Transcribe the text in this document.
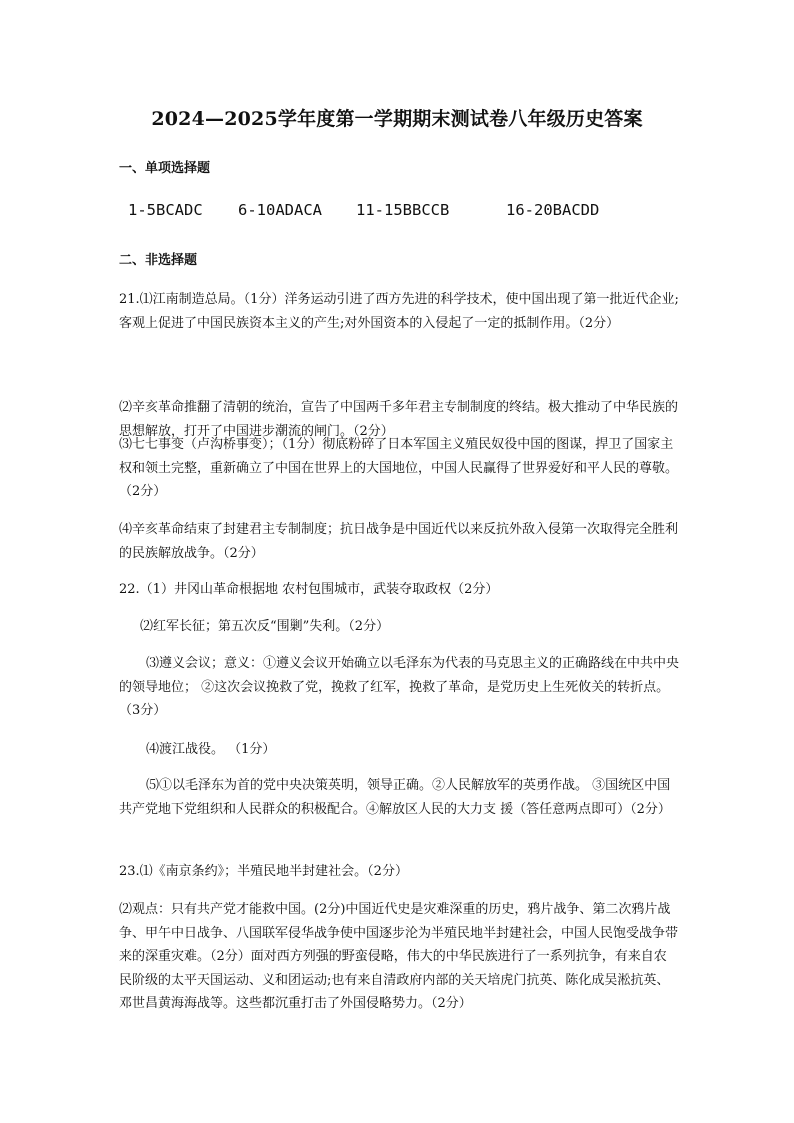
2024—2025学年度第一学期期末测试卷八年级历史答案
一、单项选择题
1-5BCADC 6-10ADACA 11-15BBCCB	16-20BACDD
二、非选择题
21.⑴江南制造总局。（1分）洋务运动引进了西方先进的科学技术，使中国出现了第一批近代企业;客观上促进了中国民族资本主义的产生;对外国资本的入侵起了一定的抵制作用。（2分）
⑵辛亥革命推翻了清朝的统治，宣告了中国两千多年君主专制制度的终结。极大推动了中华民族的思想解放，打开了中国进步潮流的闸门。（2分）
⑶七七事变（卢沟桥事变）；（1分）彻底粉碎了日本军国主义殖民奴役中国的图谋，捍卫了国家主权和领土完整，重新确立了中国在世界上的大国地位，中国人民赢得了世界爱好和平人民的尊敬。（2分）
⑷辛亥革命结束了封建君主专制制度；抗日战争是中国近代以来反抗外敌入侵第一次取得完全胜利的民族解放战争。（2分）
22.（1）井冈山革命根据地 农村包围城市，武装夺取政权（2分）
⑵红军长征；第五次反“围剿”失利。（2分）
⑶遵义会议；意义：①遵义会议开始确立以毛泽东为代表的马克思主义的正确路线在中共中央的领导地位； ②这次会议挽救了党，挽救了红军，挽救了革命，是党历史上生死攸关的转折点。 （3分）
⑷渡江战役。 （1分）
⑸①以毛泽东为首的党中央决策英明，领导正确。②人民解放军的英勇作战。 ③国统区中国共产党地下党组织和人民群众的积极配合。④解放区人民的大力支 援（答任意两点即可）（2分）
23.⑴《南京条约》；半殖民地半封建社会。（2分）
⑵观点：只有共产党才能救中国。(2分)中国近代史是灾难深重的历史，鸦片战争、第二次鸦片战争、甲午中日战争、八国联军侵华战争使中国逐步沦为半殖民地半封建社会，中国人民饱受战争带来的深重灾难。（2分）面对西方列强的野蛮侵略，伟大的中华民族进行了一系列抗争，有来自农民阶级的太平天国运动、义和团运动;也有来自清政府内部的关天培虎门抗英、陈化成吴淞抗英、邓世昌黄海海战等。这些都沉重打击了外国侵略势力。（2分）
